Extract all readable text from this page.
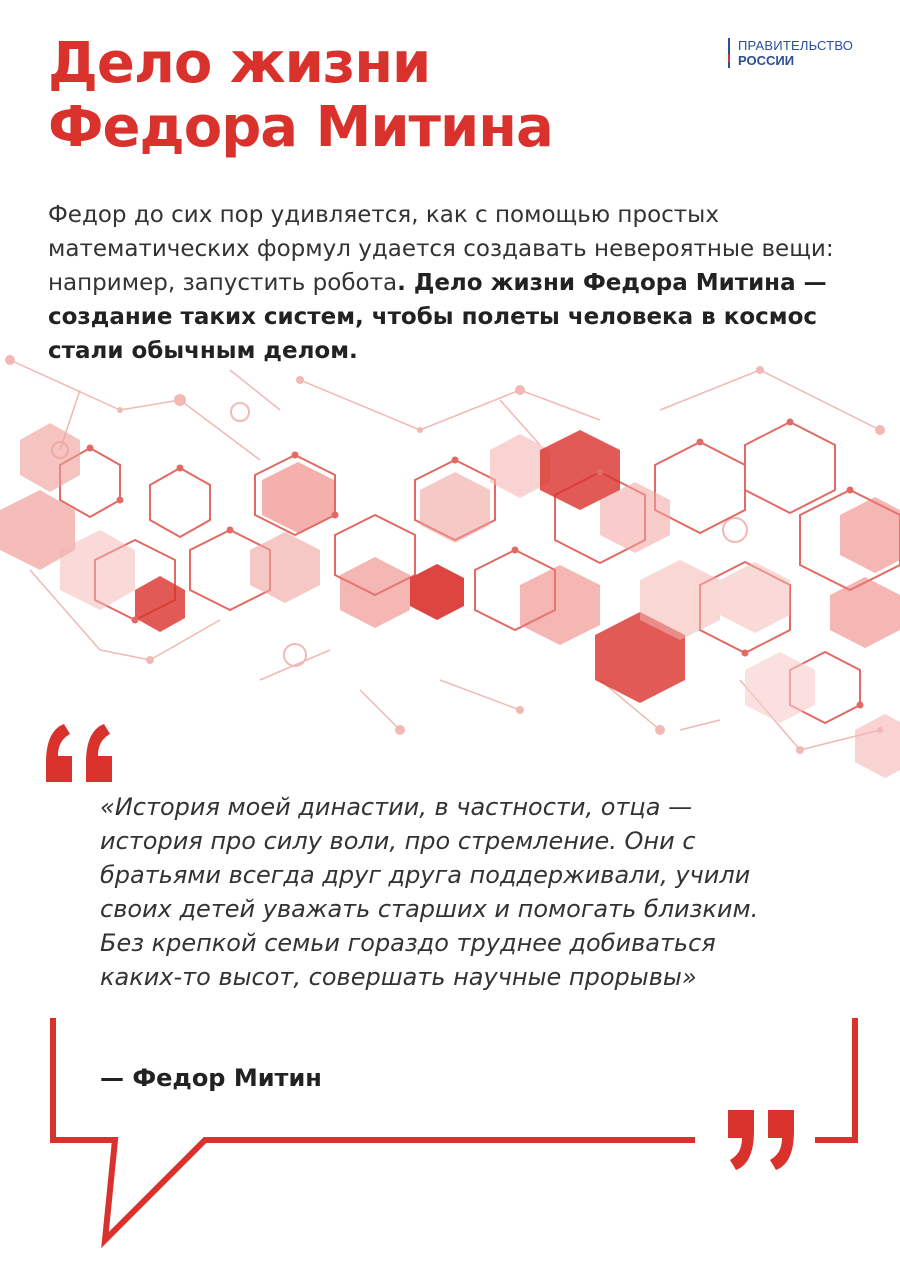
Дело жизни
Федора Митина
ПРАВИТЕЛЬСТВО
РОССИИ

Федор до сих пор удивляется, как с помощью простых математических формул удается создавать невероятные вещи: например, запустить робота. Дело жизни Федора Митина — создание таких систем, чтобы полеты человека в космос стали обычным делом.

«История моей династии, в частности, отца — история про силу воли, про стремление. Они с братьями всегда друг друга поддерживали, учили своих детей уважать старших и помогать близким. Без крепкой семьи гораздо труднее добиваться каких-то высот, совершать научные прорывы»

— Федор Митин
